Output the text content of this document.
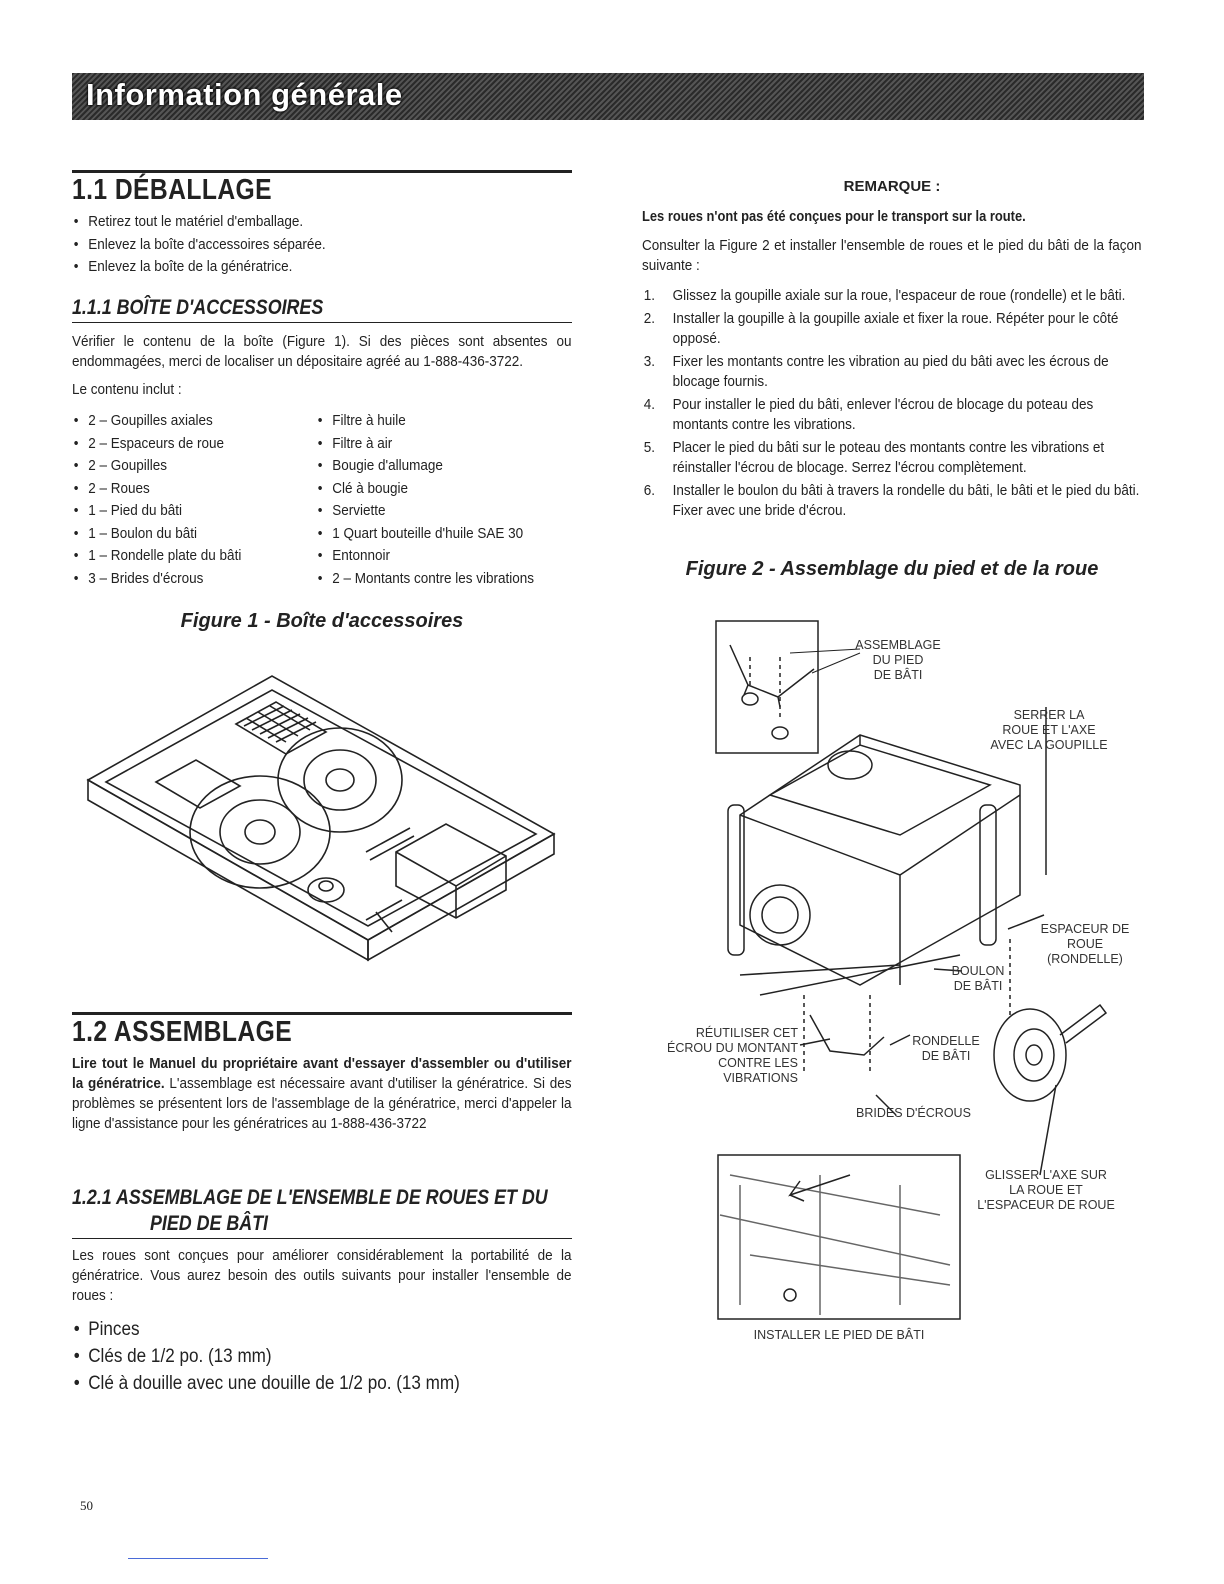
Information générale
1.1 DÉBALLAGE
• Retirez tout le matériel d'emballage.
• Enlevez la boîte d'accessoires séparée.
• Enlevez la boîte de la génératrice.
1.1.1 BOÎTE D'ACCESSOIRES

Vérifier le contenu de la boîte (Figure 1). Si des pièces sont absentes ou endommagées, merci de localiser un dépositaire agréé au 1-888-436-3722.

Le contenu inclut :

• 2 – Goupilles axiales
• 2 – Espaceurs de roue
• 2 – Goupilles
• 2 – Roues
• 1 – Pied du bâti
• 1 – Boulon du bâti
• 1 – Rondelle plate du bâti
• 3 – Brides d'écrous
• Filtre à huile
• Filtre à air
• Bougie d'allumage
• Clé à bougie
• Serviette
• 1 Quart bouteille d'huile SAE 30
• Entonnoir
• 2 – Montants contre les vibrations
Figure 1 - Boîte d'accessoires
1.2 ASSEMBLAGE

Lire tout le Manuel du propriétaire avant d'essayer d'assembler ou d'utiliser la génératrice. L'assemblage est nécessaire avant d'utiliser la génératrice. Si des problèmes se présentent lors de l'assemblage de la génératrice, merci d'appeler la ligne d'assistance pour les génératrices au 1-888-436-3722

1.2.1 ASSEMBLAGE DE L'ENSEMBLE DE ROUES ET DU
PIED DE BÂTI

Les roues sont conçues pour améliorer considérablement la portabilité de la génératrice. Vous aurez besoin des outils suivants pour installer l'ensemble de roues :

• Pinces
• Clés de 1/2 po. (13 mm)
• Clé à douille avec une douille de 1/2 po. (13 mm)
REMARQUE :
Les roues n'ont pas été conçues pour le transport sur la route.
Consulter la Figure 2 et installer l'ensemble de roues et le pied du bâti de la façon suivante :
1. Glissez la goupille axiale sur la roue, l'espaceur de roue (rondelle) et le bâti.
2. Installer la goupille à la goupille axiale et fixer la roue. Répéter pour le côté opposé.
3. Fixer les montants contre les vibration au pied du bâti avec les écrous de blocage fournis.
4. Pour installer le pied du bâti, enlever l'écrou de blocage du poteau des montants contre les vibrations.
5. Placer le pied du bâti sur le poteau des montants contre les vibrations et réinstaller l'écrou de blocage. Serrez l'écrou complètement.
6. Installer le boulon du bâti à travers la rondelle du bâti, le bâti et le pied du bâti. Fixer avec une bride d'écrou.
Figure 2 - Assemblage du pied et de la roue
ASSEMBLAGE
DU PIED
DE BÂTI
SERRER LA
ROUE ET L'AXE
AVEC LA GOUPILLE
ESPACEUR DE
ROUE (RONDELLE)
BOULON
DE BÂTI
RÉUTILISER CET
ÉCROU DU MONTANT
CONTRE LES VIBRATIONS
RONDELLE
DE BÂTI
BRIDES D'ÉCROUS
GLISSER L'AXE SUR
LA ROUE ET
L'ESPACEUR DE ROUE
INSTALLER LE PIED DE BÂTI
50
